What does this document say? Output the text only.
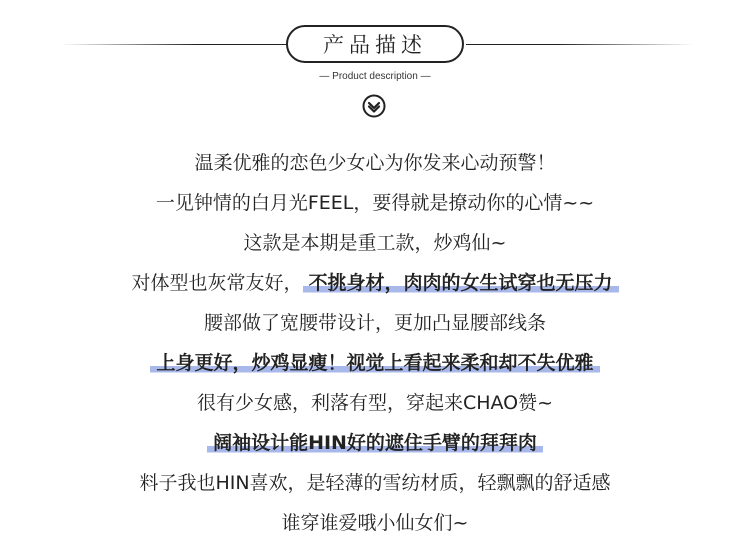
产品描述
— Product description —
温柔优雅的恋色少女心为你发来心动预警！
一见钟情的白月光FEEL，要得就是撩动你的心情~~
这款是本期是重工款，炒鸡仙~
对体型也灰常友好， 不挑身材，肉肉的女生试穿也无压力
腰部做了宽腰带设计，更加凸显腰部线条
上身更好，炒鸡显瘦！视觉上看起来柔和却不失优雅
很有少女感，利落有型，穿起来CHAO赞~
阔袖设计能HIN好的遮住手臂的拜拜肉
料子我也HIN喜欢，是轻薄的雪纺材质，轻飘飘的舒适感
谁穿谁爱哦小仙女们~
